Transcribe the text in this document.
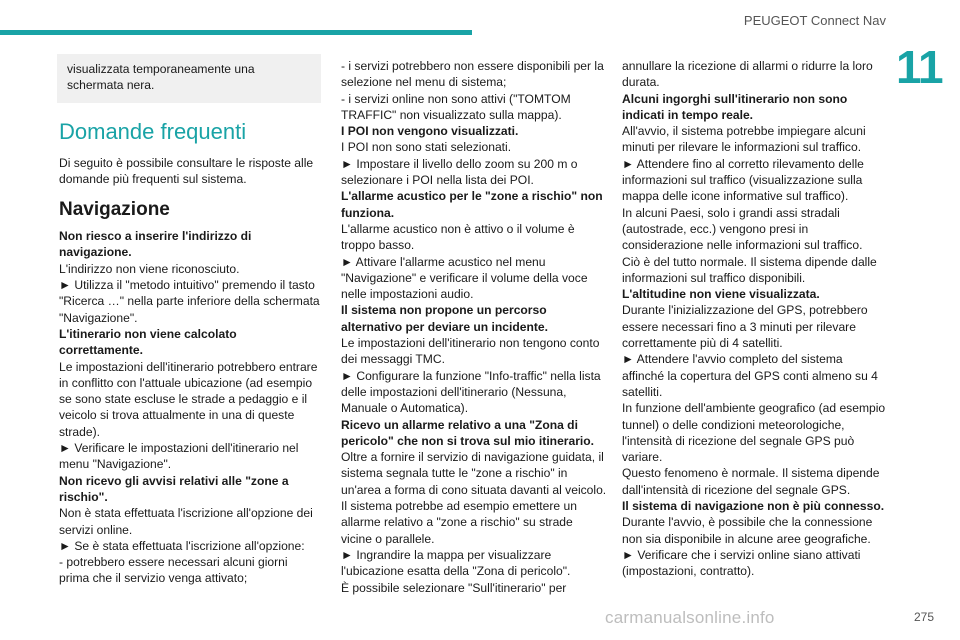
PEUGEOT Connect Nav
11

visualizzata temporaneamente una schermata nera.

Domande frequenti

Di seguito è possibile consultare le risposte alle domande più frequenti sul sistema.

Navigazione

Non riesco a inserire l'indirizzo di navigazione.

L'indirizzo non viene riconosciuto.

► Utilizza il "metodo intuitivo" premendo il tasto "Ricerca …" nella parte inferiore della schermata "Navigazione".

L'itinerario non viene calcolato correttamente.

Le impostazioni dell'itinerario potrebbero entrare in conflitto con l'attuale ubicazione (ad esempio se sono state escluse le strade a pedaggio e il veicolo si trova attualmente in una di queste strade).

► Verificare le impostazioni dell'itinerario nel menu "Navigazione".

Non ricevo gli avvisi relativi alle "zone a rischio".

Non è stata effettuata l'iscrizione all'opzione dei servizi online.

► Se è stata effettuata l'iscrizione all'opzione:

- potrebbero essere necessari alcuni giorni prima che il servizio venga attivato;

- i servizi potrebbero non essere disponibili per la selezione nel menu di sistema;

- i servizi online non sono attivi ("TOMTOM TRAFFIC" non visualizzato sulla mappa).

I POI non vengono visualizzati.

I POI non sono stati selezionati.

► Impostare il livello dello zoom su 200 m o selezionare i POI nella lista dei POI.

L'allarme acustico per le "zone a rischio" non funziona.

L'allarme acustico non è attivo o il volume è troppo basso.

► Attivare l'allarme acustico nel menu "Navigazione" e verificare il volume della voce nelle impostazioni audio.

Il sistema non propone un percorso alternativo per deviare un incidente.

Le impostazioni dell'itinerario non tengono conto dei messaggi TMC.

► Configurare la funzione "Info-traffic" nella lista delle impostazioni dell'itinerario (Nessuna, Manuale o Automatica).

Ricevo un allarme relativo a una "Zona di pericolo" che non si trova sul mio itinerario.

Oltre a fornire il servizio di navigazione guidata, il sistema segnala tutte le "zone a rischio" in un'area a forma di cono situata davanti al veicolo. Il sistema potrebbe ad esempio emettere un allarme relativo a "zone a rischio" su strade vicine o parallele.

► Ingrandire la mappa per visualizzare l'ubicazione esatta della "Zona di pericolo".

È possibile selezionare "Sull'itinerario" per

annullare la ricezione di allarmi o ridurre la loro durata.

Alcuni ingorghi sull'itinerario non sono indicati in tempo reale.

All'avvio, il sistema potrebbe impiegare alcuni minuti per rilevare le informazioni sul traffico.

► Attendere fino al corretto rilevamento delle informazioni sul traffico (visualizzazione sulla mappa delle icone informative sul traffico).

In alcuni Paesi, solo i grandi assi stradali (autostrade, ecc.) vengono presi in considerazione nelle informazioni sul traffico.

Ciò è del tutto normale. Il sistema dipende dalle informazioni sul traffico disponibili.

L'altitudine non viene visualizzata.

Durante l'inizializzazione del GPS, potrebbero essere necessari fino a 3 minuti per rilevare correttamente più di 4 satelliti.

► Attendere l'avvio completo del sistema affinché la copertura del GPS conti almeno su 4 satelliti.

In funzione dell'ambiente geografico (ad esempio tunnel) o delle condizioni meteorologiche, l'intensità di ricezione del segnale GPS può variare.

Questo fenomeno è normale. Il sistema dipende dall'intensità di ricezione del segnale GPS.

Il sistema di navigazione non è più connesso.

Durante l'avvio, è possibile che la connessione non sia disponibile in alcune aree geografiche.

► Verificare che i servizi online siano attivati (impostazioni, contratto).

carmanualsonline.info	275
